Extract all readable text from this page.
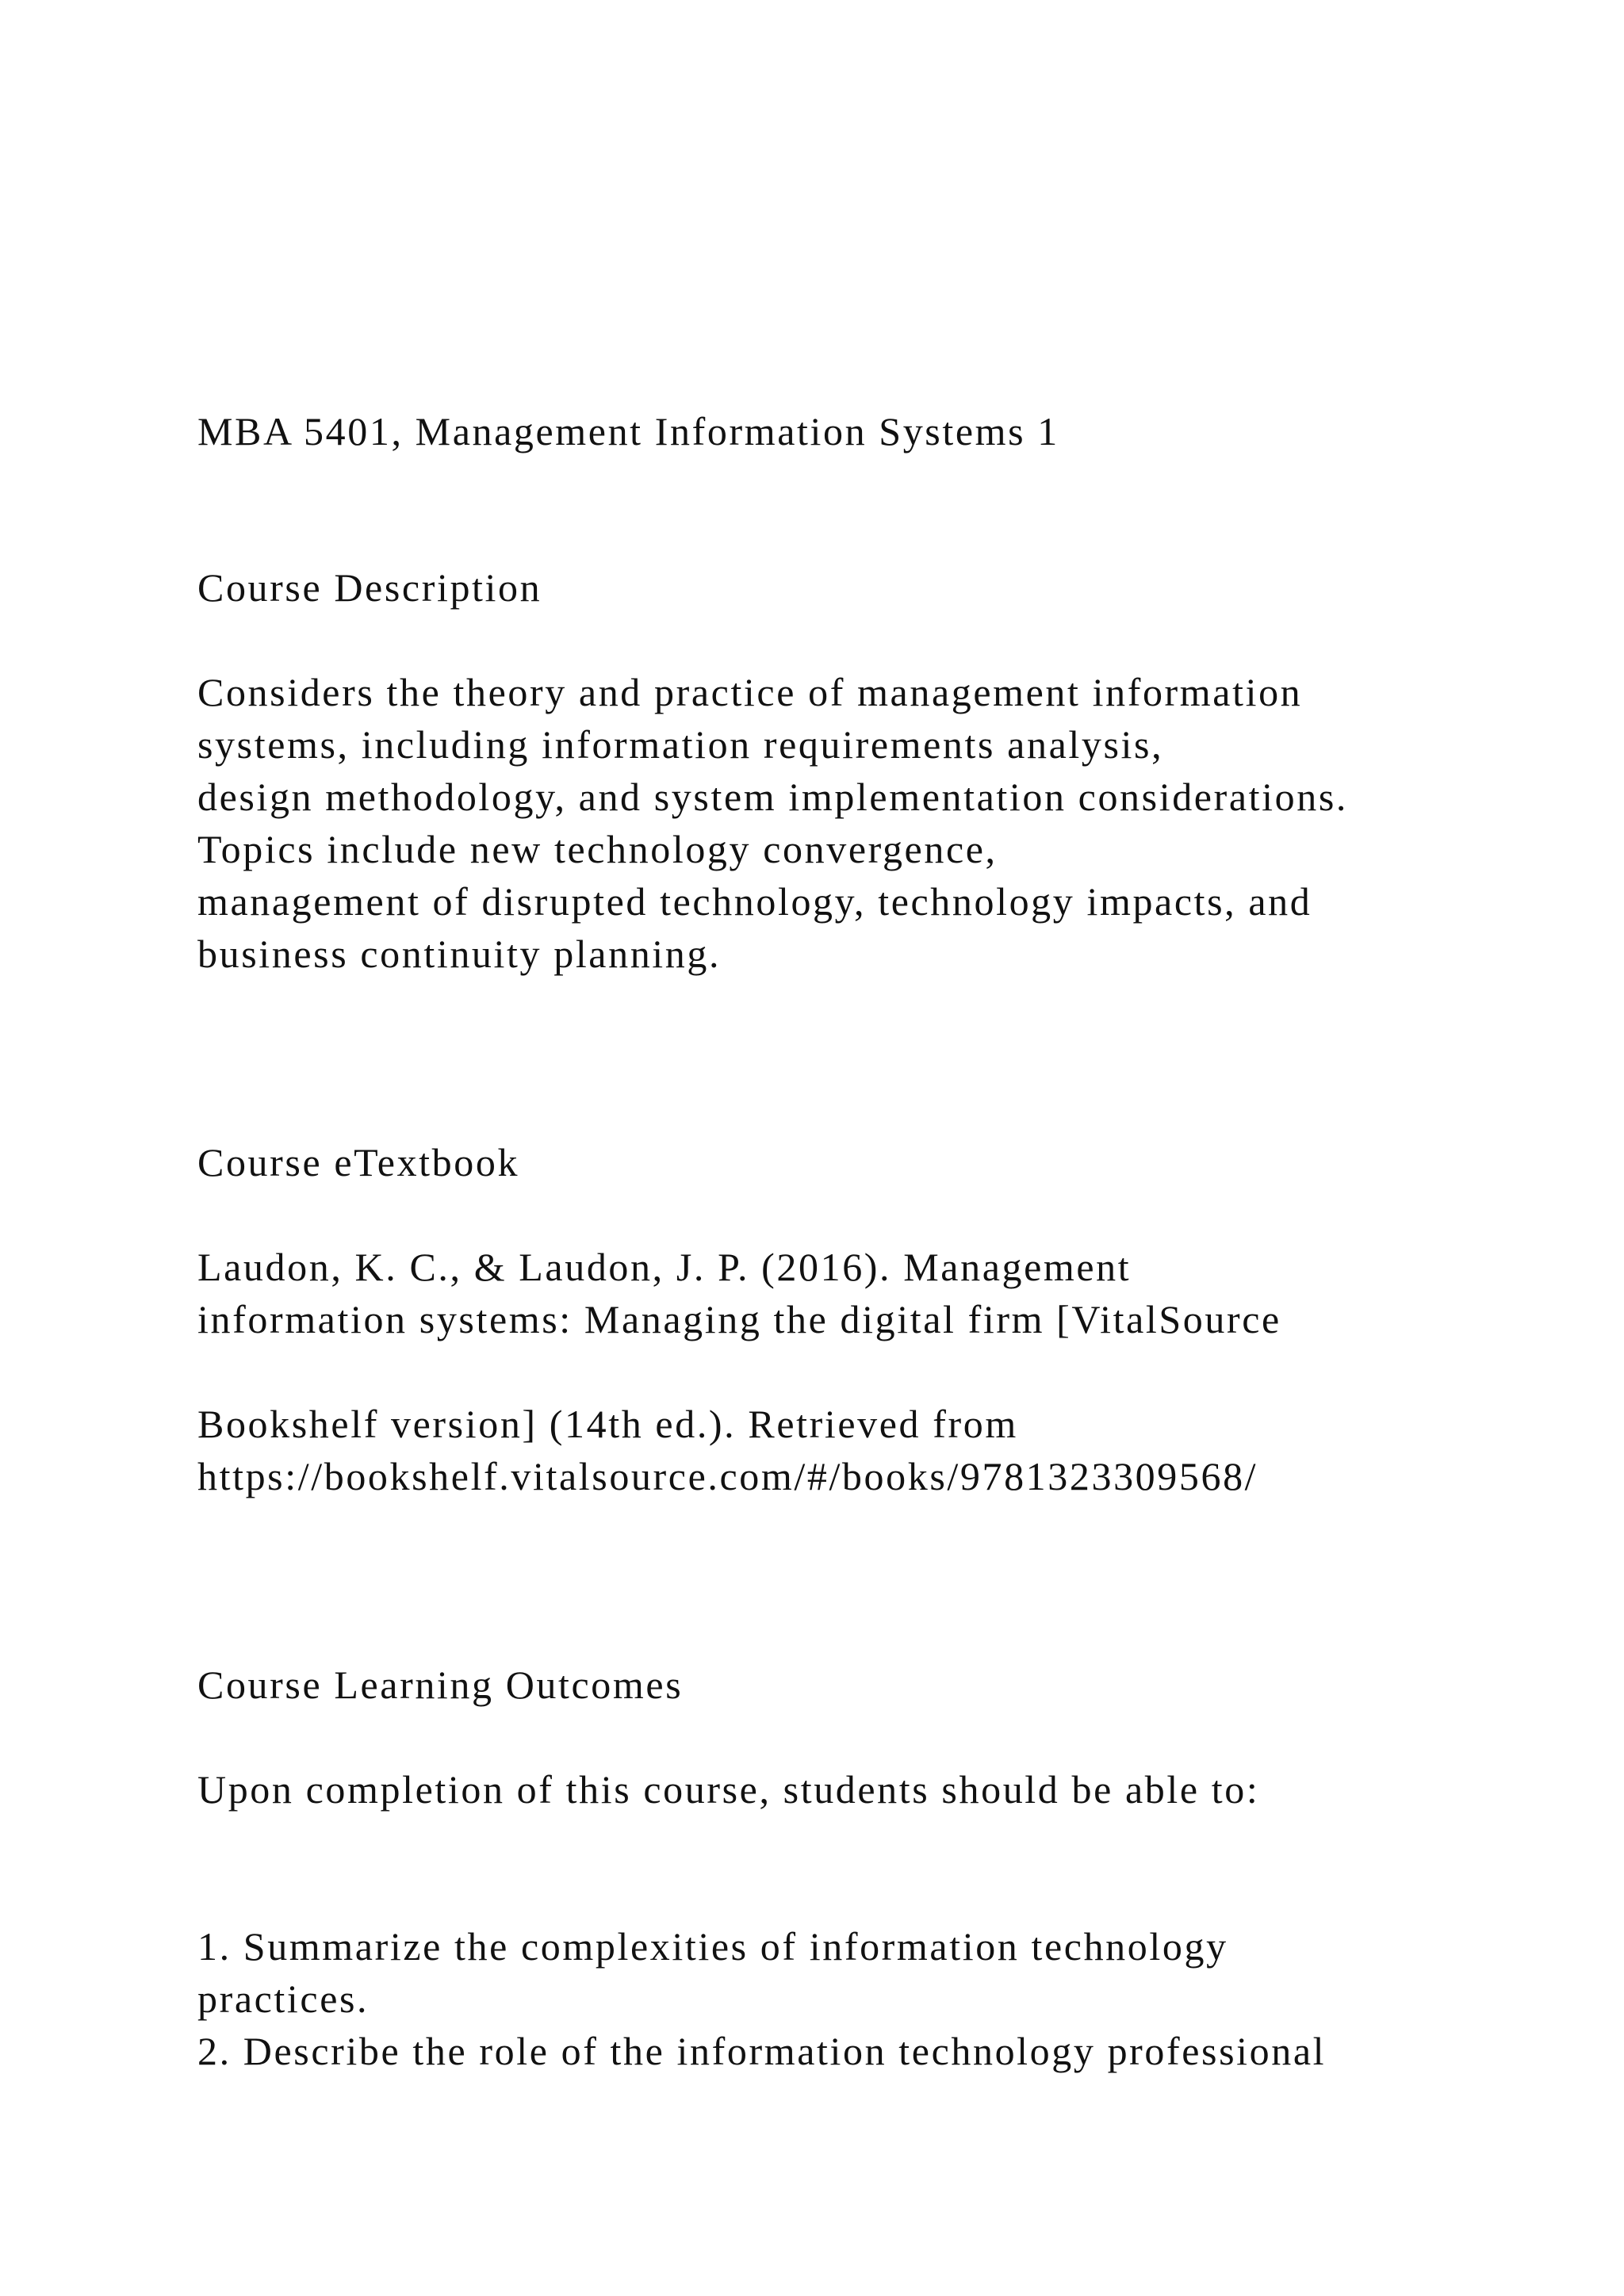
MBA 5401, Management Information Systems 1
Course Description
Considers the theory and practice of management information
systems, including information requirements analysis,
design methodology, and system implementation considerations.
Topics include new technology convergence,
management of disrupted technology, technology impacts, and
business continuity planning.
Course eTextbook
Laudon, K. C., & Laudon, J. P. (2016). Management
information systems: Managing the digital firm [VitalSource
Bookshelf version] (14th ed.). Retrieved from
https://bookshelf.vitalsource.com/#/books/9781323309568/
Course Learning Outcomes
Upon completion of this course, students should be able to:
1. Summarize the complexities of information technology
practices.
2. Describe the role of the information technology professional
